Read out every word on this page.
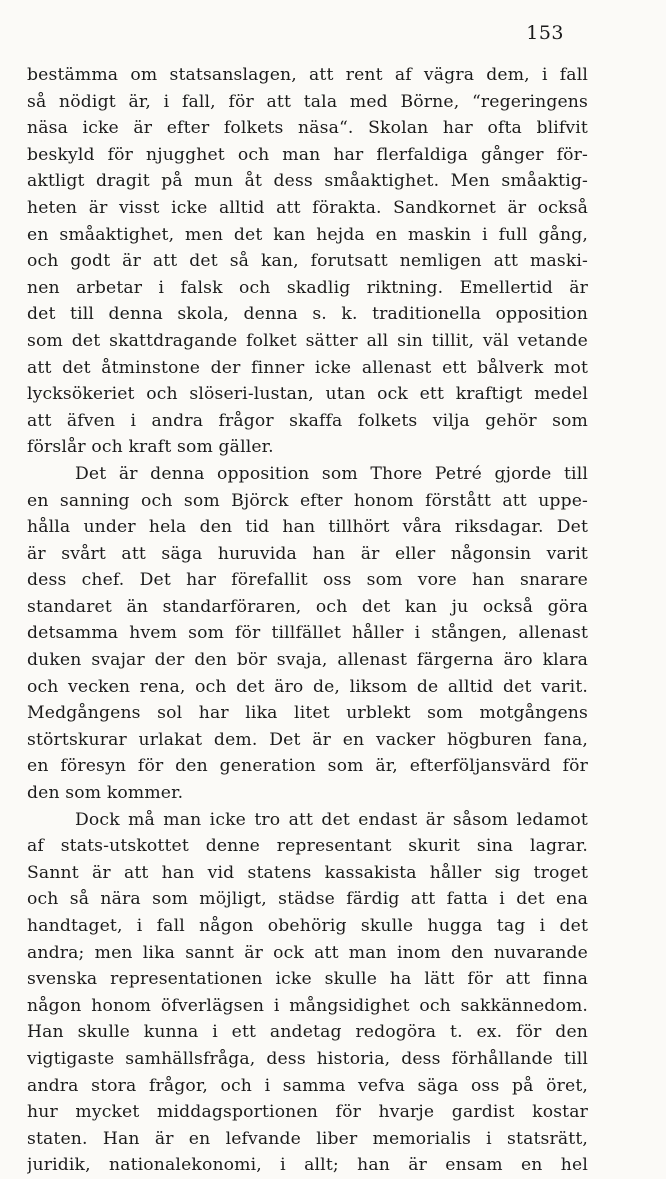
153
bestämma om statsanslagen, att rent af vägra dem, i fall
så nödigt är, i fall, för att tala med Börne, “regeringens
näsa icke är efter folkets näsa“. Skolan har ofta blifvit
beskyld för njugghet och man har flerfaldiga gånger för-
aktligt dragit på mun åt dess småaktighet. Men småaktig-
heten är visst icke alltid att förakta. Sandkornet är också
en småaktighet, men det kan hejda en maskin i full gång,
och godt är att det så kan, forutsatt nemligen att maski-
nen arbetar i falsk och skadlig riktning. Emellertid är
det till denna skola, denna s. k. traditionella opposition
som det skattdragande folket sätter all sin tillit, väl vetande
att det åtminstone der finner icke allenast ett bålverk mot
lycksökeriet och slöseri-lustan, utan ock ett kraftigt medel
att äfven i andra frågor skaffa folkets vilja gehör som
förslår och kraft som gäller.
Det är denna opposition som Thore Petré gjorde till
en sanning och som Björck efter honom förstått att uppe-
hålla under hela den tid han tillhört våra riksdagar. Det
är svårt att säga huruvida han är eller någonsin varit
dess chef. Det har förefallit oss som vore han snarare
standaret än standarföraren, och det kan ju också göra
detsamma hvem som för tillfället håller i stången, allenast
duken svajar der den bör svaja, allenast färgerna äro klara
och vecken rena, och det äro de, liksom de alltid det varit.
Medgångens sol har lika litet urblekt som motgångens
störtskurar urlakat dem. Det är en vacker högburen fana,
en föresyn för den generation som är, efterföljansvärd för
den som kommer.
Dock må man icke tro att det endast är såsom ledamot
af stats-utskottet denne representant skurit sina lagrar.
Sannt är att han vid statens kassakista håller sig troget
och så nära som möjligt, städse färdig att fatta i det ena
handtaget, i fall någon obehörig skulle hugga tag i det
andra; men lika sannt är ock att man inom den nuvarande
svenska representationen icke skulle ha lätt för att finna
någon honom öfverlägsen i mångsidighet och sakkännedom.
Han skulle kunna i ett andetag redogöra t. ex. för den
vigtigaste samhällsfråga, dess historia, dess förhållande till
andra stora frågor, och i samma vefva säga oss på öret,
hur mycket middagsportionen för hvarje gardist kostar
staten. Han är en lefvande liber memorialis i statsrätt,
juridik, nationalekonomi, i allt; han är ensam en hel
